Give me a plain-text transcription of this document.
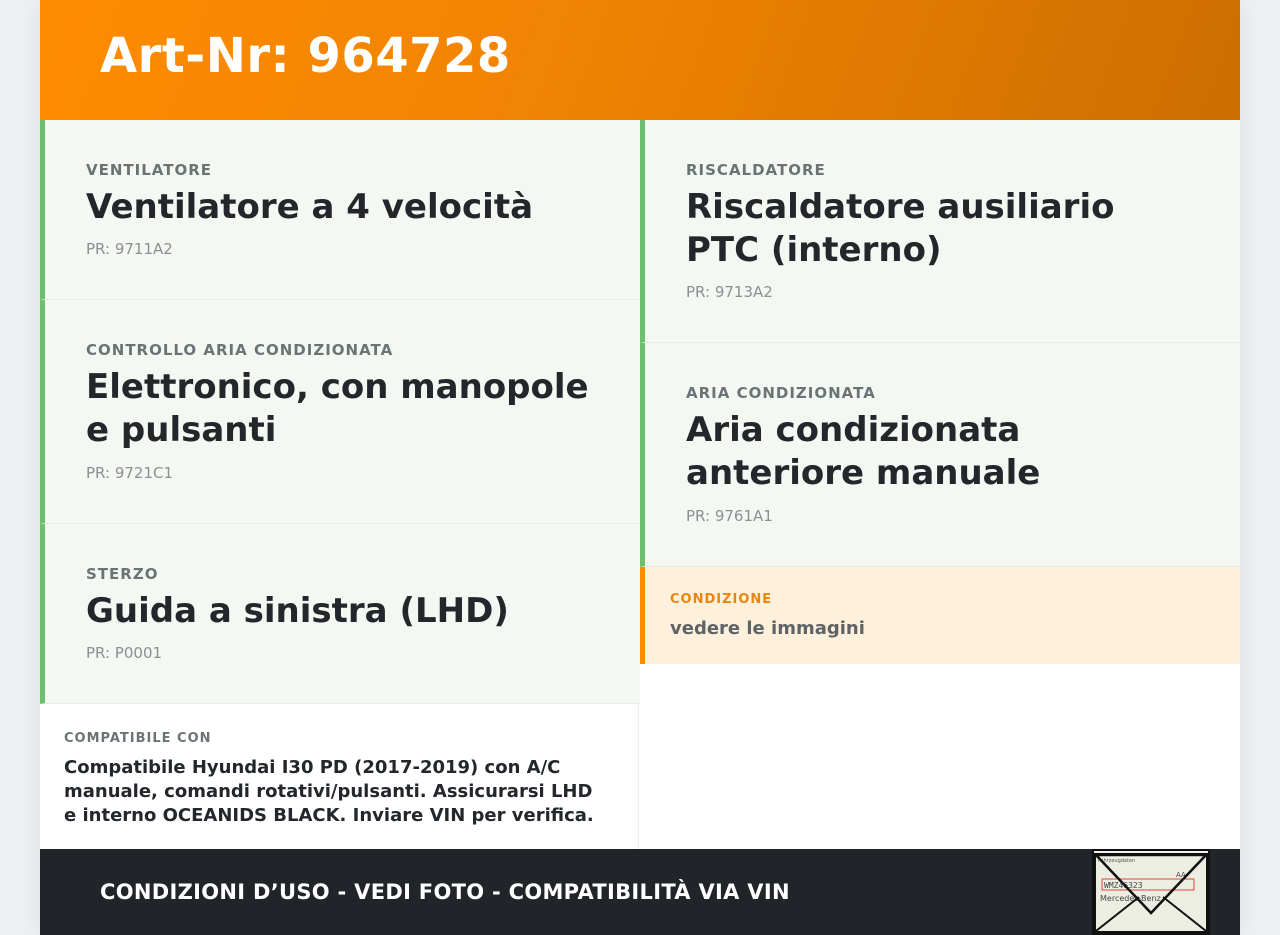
Art-Nr: 964728
VENTILATORE
Ventilatore a 4 velocità
PR: 9711A2
CONTROLLO ARIA CONDIZIONATA
Elettronico, con manopole e pulsanti
PR: 9721C1
STERZO
Guida a sinistra (LHD)
PR: P0001
RISCALDATORE
Riscaldatore ausiliario PTC (interno)
PR: 9713A2
ARIA CONDIZIONATA
Aria condizionata anteriore manuale
PR: 9761A1
COMPATIBILE CON
Compatibile Hyundai I30 PD (2017-2019) con A/C manuale, comandi rotativi/pulsanti. Assicurarsi LHD e interno OCEANIDS BLACK. Inviare VIN per verifica.
CONDIZIONE
vedere le immagini
CONDIZIONI D’USO - VEDI FOTO - COMPATIBILITÀ VIA VIN
Fahrzeugdaten
WMZ46323
AA
Mercedes-Benz
